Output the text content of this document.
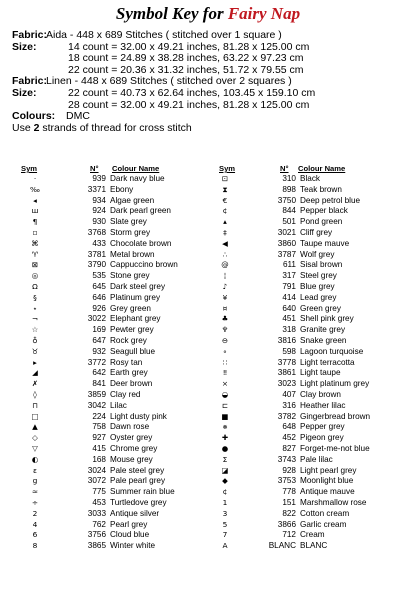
Symbol Key for Fairy Nap
Fabric:
Aida - 448 x 689 Stitches ( stitched over 1 square )
Size:	14 count = 32.00 x 49.21 inches, 81.28 x 125.00 cm
18 count = 24.89 x 38.28 inches, 63.22 x 97.23 cm
22 count = 20.36 x 31.32 inches, 51.72 x 79.55 cm
Fabric:
Linen - 448 x 689 Stitches ( stitched over 2 squares )
Size:	22 count = 40.73 x 62.64 inches, 103.45 x 159.10 cm
28 count = 32.00 x 49.21 inches, 81.28 x 125.00 cm
Colours: DMC
Use 2 strands of thread for cross stitch
Sym	N° Colour Name	Sym	N° Colour Name
·	939 Dark navy blue
‰	3371 Ebony
◂	934 Algae green
ш	924 Dark pearl green
¶	930 Slate grey
▫	3768 Storm grey
⌘	433 Chocolate brown
♈	3781 Metal brown
⊠	3790 Cappuccino brown
◎	535 Stone grey
Ω	645 Dark steel grey
§	646 Platinum grey
⋆	926 Grey green
¬	3022 Elephant grey
☆	169 Pewter grey
♁	647 Rock grey
♉	932 Seagull blue
▸	3772 Rosy tan
◢	642 Earth grey
✗	841 Deer brown
◊	3859 Clay red
⊓	3042 Lilac
□	224 Light dusty pink
▲	758 Dawn rose
◇	927 Oyster grey
▽	415 Chrome grey
◐	168 Mouse grey
ε	3024 Pale steel grey
g	3072 Pale pearl grey
≈	775 Summer rain blue
÷	453 Turtledove grey
2	3033 Antique silver
4	762 Pearl grey
6	3756 Cloud blue
8	3865 Winter white
⊡	310 Black
⧗	898 Teak brown
€	3750 Deep petrol blue
¢	844 Pepper black
▴	501 Pond green
‡	3021 Cliff grey
◀	3860 Taupe mauve
∴	3787 Wolf grey
@	611 Sisal brown
¦	317 Steel grey
♪	791 Blue grey
¥	414 Lead grey
¤	640 Green grey
♣	451 Shell pink grey
♆	318 Granite grey
⊖	3816 Snake green
∘	598 Lagoon turquoise
∷	3778 Light terracotta
‼	3861 Light taupe
×	3023 Light platinum grey
◒	407 Clay brown
⊏	316 Heather lilac
■	3782 Gingerbread brown
⨳	648 Pepper grey
✚	452 Pigeon grey
●	827 Forget-me-not blue
Σ	3743 Pale lilac
◪	928 Light pearl grey
◆	3753 Moonlight blue
¢	778 Antique mauve
1	151 Marshmallow rose
3	822 Cotton cream
5	3866 Garlic cream
7	712 Cream
A	BLANC BLANC
